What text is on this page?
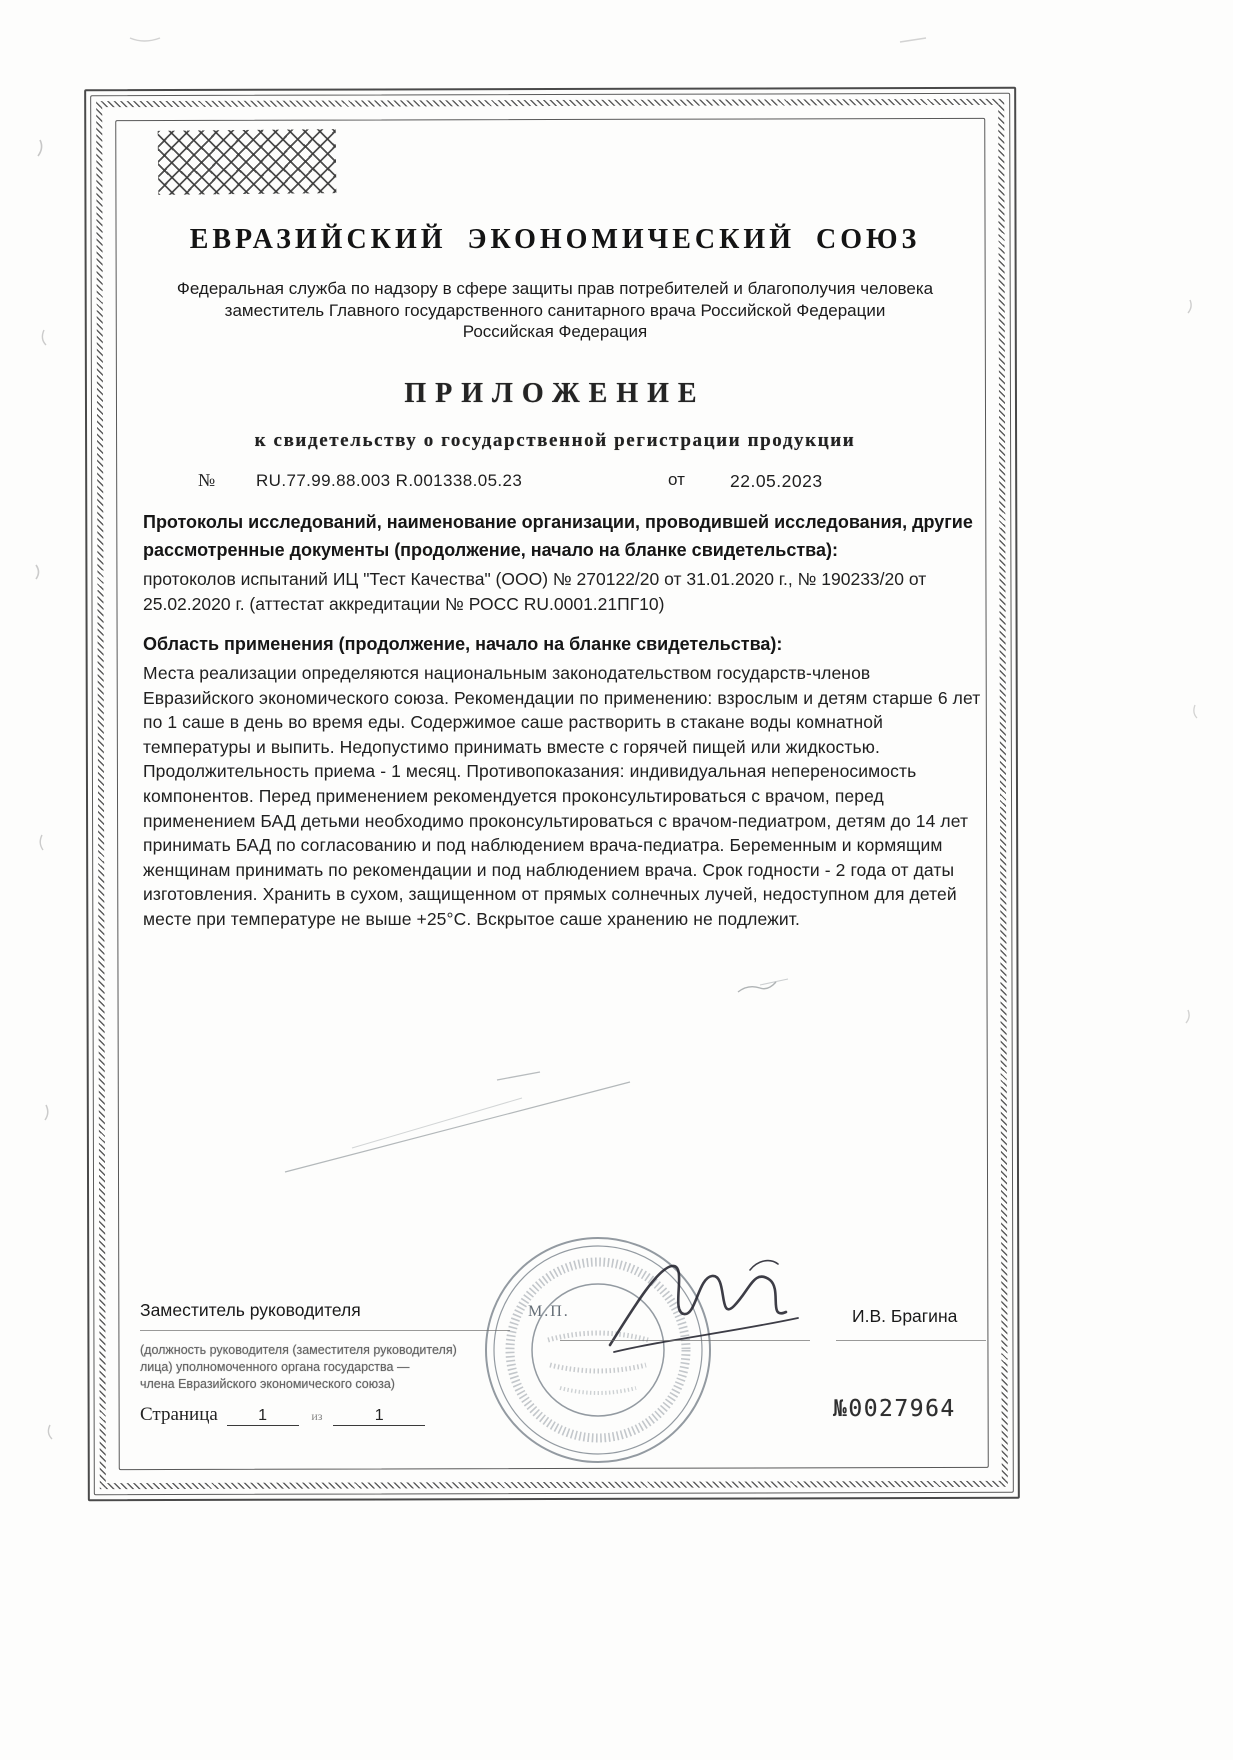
ЕВРАЗИЙСКИЙ ЭКОНОМИЧЕСКИЙ СОЮЗ
Федеральная служба по надзору в сфере защиты прав потребителей и благополучия человека
заместитель Главного государственного санитарного врача Российской Федерации
Российская Федерация
ПРИЛОЖЕНИЕ
к свидетельству о государственной регистрации продукции
№ RU.77.99.88.003 R.001338.05.23	от	22.05.2023
Протоколы исследований, наименование организации, проводившей исследования, другие рассмотренные документы (продолжение, начало на бланке свидетельства):
протоколов испытаний ИЦ "Тест Качества" (ООО) № 270122/20 от 31.01.2020 г., № 190233/20 от 25.02.2020 г. (аттестат аккредитации № РОСС RU.0001.21ПГ10)
Область применения (продолжение, начало на бланке свидетельства):
Места реализации определяются национальным законодательством государств-членов Евразийского экономического союза. Рекомендации по применению: взрослым и детям старше 6 лет по 1 саше в день во время еды. Содержимое саше растворить в стакане воды комнатной температуры и выпить. Недопустимо принимать вместе с горячей пищей или жидкостью. Продолжительность приема - 1 месяц. Противопоказания: индивидуальная непереносимость компонентов. Перед применением рекомендуется проконсультироваться с врачом, перед применением БАД детьми необходимо проконсультироваться с врачом-педиатром, детям до 14 лет принимать БАД по согласованию и под наблюдением врача-педиатра. Беременным и кормящим женщинам принимать по рекомендации и под наблюдением врача. Срок годности - 2 года от даты изготовления. Хранить в сухом, защищенном от прямых солнечных лучей, недоступном для детей месте при температуре не выше +25°С. Вскрытое саше хранению не подлежит.
Заместитель руководителя	М.П.	И.В. Брагина
(должность руководителя (заместителя руководителя)
лица) уполномоченного органа государства —
члена Евразийского экономического союза)
Страница	1	из	1	№0027964
